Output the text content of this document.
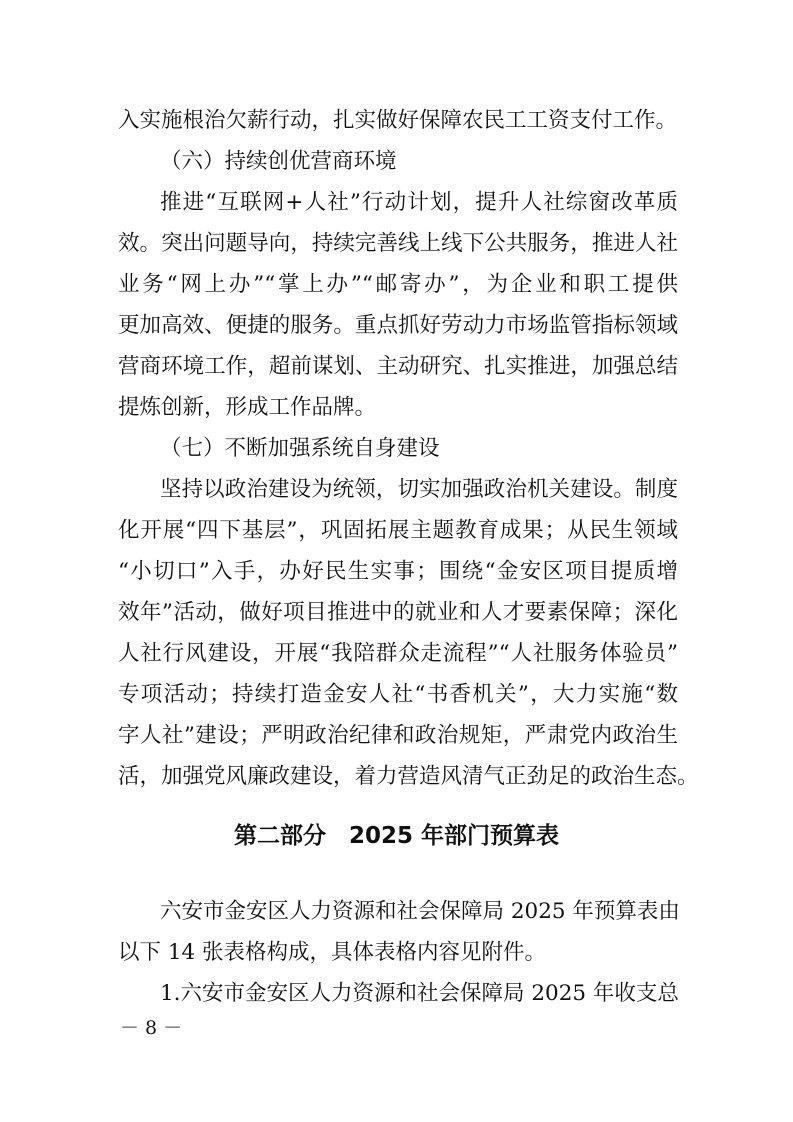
入实施根治欠薪行动，扎实做好保障农民工工资支付工作。
（六）持续创优营商环境
推进“互联网+人社”行动计划，提升人社综窗改革质
效。突出问题导向，持续完善线上线下公共服务，推进人社
业务“网上办”“掌上办”“邮寄办”，为企业和职工提供
更加高效、便捷的服务。重点抓好劳动力市场监管指标领域
营商环境工作，超前谋划、主动研究、扎实推进，加强总结
提炼创新，形成工作品牌。
（七）不断加强系统自身建设
坚持以政治建设为统领，切实加强政治机关建设。制度
化开展“四下基层”，巩固拓展主题教育成果；从民生领域
“小切口”入手，办好民生实事；围绕“金安区项目提质增
效年”活动，做好项目推进中的就业和人才要素保障；深化
人社行风建设，开展“我陪群众走流程”“人社服务体验员”
专项活动；持续打造金安人社“书香机关”，大力实施“数
字人社”建设；严明政治纪律和政治规矩，严肃党内政治生
活，加强党风廉政建设，着力营造风清气正劲足的政治生态。
第二部分　2025 年部门预算表
六安市金安区人力资源和社会保障局 2025 年预算表由
以下 14 张表格构成，具体表格内容见附件。
1.六安市金安区人力资源和社会保障局 2025 年收支总
－ 8 －
